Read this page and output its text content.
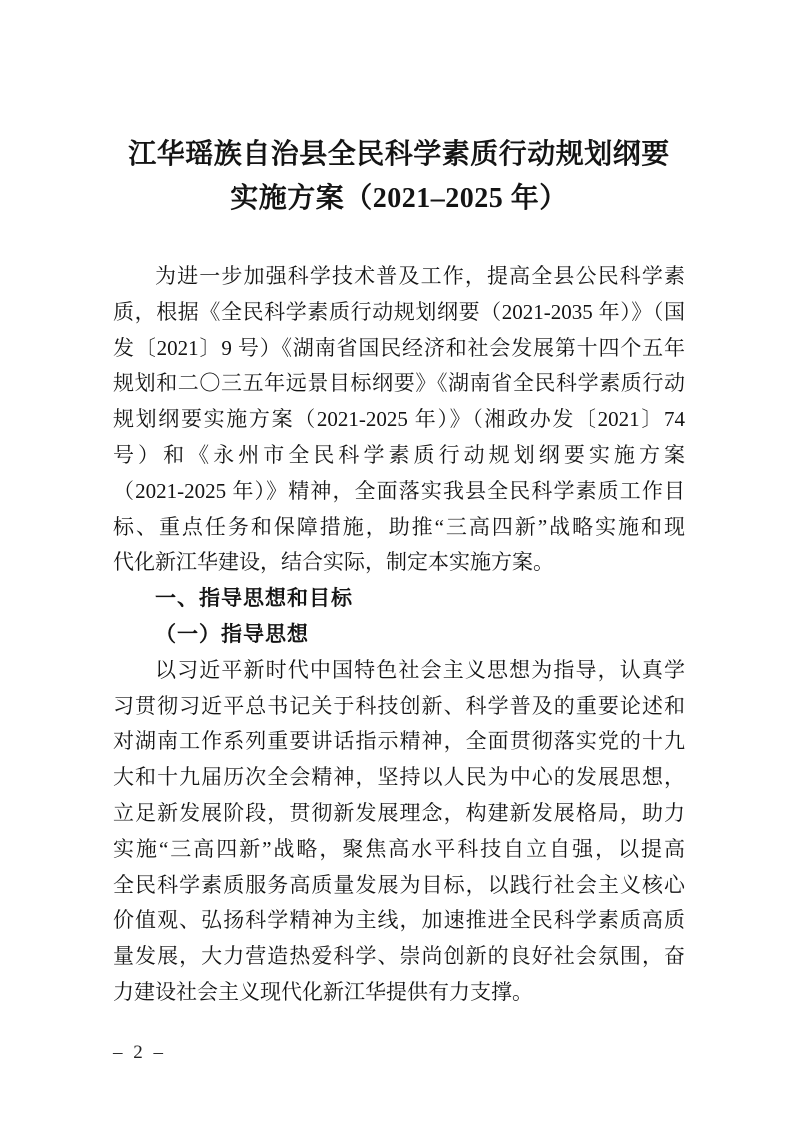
江华瑶族自治县全民科学素质行动规划纲要
实施方案（2021–2025 年）
为进一步加强科学技术普及工作，提高全县公民科学素
质，根据《全民科学素质行动规划纲要（2021-2035 年）》（国
发〔2021〕9 号）《湖南省国民经济和社会发展第十四个五年
规划和二〇三五年远景目标纲要》《湖南省全民科学素质行动
规划纲要实施方案（2021-2025 年）》（湘政办发〔2021〕74
号）和《永州市全民科学素质行动规划纲要实施方案
（2021-2025 年）》精神，全面落实我县全民科学素质工作目
标、重点任务和保障措施，助推“三高四新”战略实施和现
代化新江华建设，结合实际，制定本实施方案。
一、指导思想和目标
（一）指导思想
以习近平新时代中国特色社会主义思想为指导，认真学
习贯彻习近平总书记关于科技创新、科学普及的重要论述和
对湖南工作系列重要讲话指示精神，全面贯彻落实党的十九
大和十九届历次全会精神，坚持以人民为中心的发展思想，
立足新发展阶段，贯彻新发展理念，构建新发展格局，助力
实施“三高四新”战略，聚焦高水平科技自立自强，以提高
全民科学素质服务高质量发展为目标，以践行社会主义核心
价值观、弘扬科学精神为主线，加速推进全民科学素质高质
量发展，大力营造热爱科学、崇尚创新的良好社会氛围，奋
力建设社会主义现代化新江华提供有力支撑。
– 2 –
